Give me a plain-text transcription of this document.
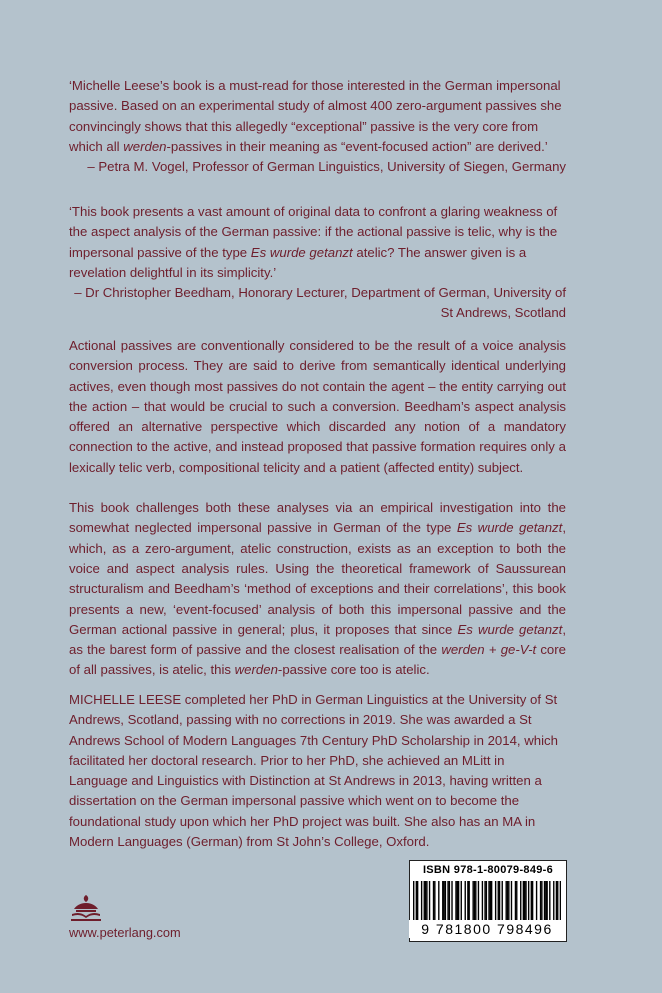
‘Michelle Leese’s book is a must-read for those interested in the German impersonal passive. Based on an experimental study of almost 400 zero-argument passives she convincingly shows that this allegedly “exceptional” passive is the very core from which all werden-passives in their meaning as “event-focused action” are derived.’

– Petra M. Vogel, Professor of German Linguistics, University of Siegen, Germany

‘This book presents a vast amount of original data to confront a glaring weakness of the aspect analysis of the German passive: if the actional passive is telic, why is the impersonal passive of the type Es wurde getanzt atelic? The answer given is a revelation delightful in its simplicity.’

– Dr Christopher Beedham, Honorary Lecturer, Department of German, University of St Andrews, Scotland

Actional passives are conventionally considered to be the result of a voice analysis conversion process. They are said to derive from semantically identical underlying actives, even though most passives do not contain the agent – the entity carrying out the action – that would be crucial to such a conversion. Beedham’s aspect analysis offered an alternative perspective which discarded any notion of a mandatory connection to the active, and instead proposed that passive formation requires only a lexically telic verb, compositional telicity and a patient (affected entity) subject.

This book challenges both these analyses via an empirical investigation into the somewhat neglected impersonal passive in German of the type Es wurde getanzt, which, as a zero-argument, atelic construction, exists as an exception to both the voice and aspect analysis rules. Using the theoretical framework of Saussurean structuralism and Beedham’s ‘method of exceptions and their correlations’, this book presents a new, ‘event-focused’ analysis of both this impersonal passive and the German actional passive in general; plus, it proposes that since Es wurde getanzt, as the barest form of passive and the closest realisation of the werden + ge-V-t core of all passives, is atelic, this werden-passive core too is atelic.

MICHELLE LEESE completed her PhD in German Linguistics at the University of St Andrews, Scotland, passing with no corrections in 2019. She was awarded a St Andrews School of Modern Languages 7th Century PhD Scholarship in 2014, which facilitated her doctoral research. Prior to her PhD, she achieved an MLitt in Language and Linguistics with Distinction at St Andrews in 2013, having written a dissertation on the German impersonal passive which went on to become the foundational study upon which her PhD project was built. She also has an MA in Modern Languages (German) from St John’s College, Oxford.

ISBN 978-1-80079-849-6
9 781800 798496
www.peterlang.com
